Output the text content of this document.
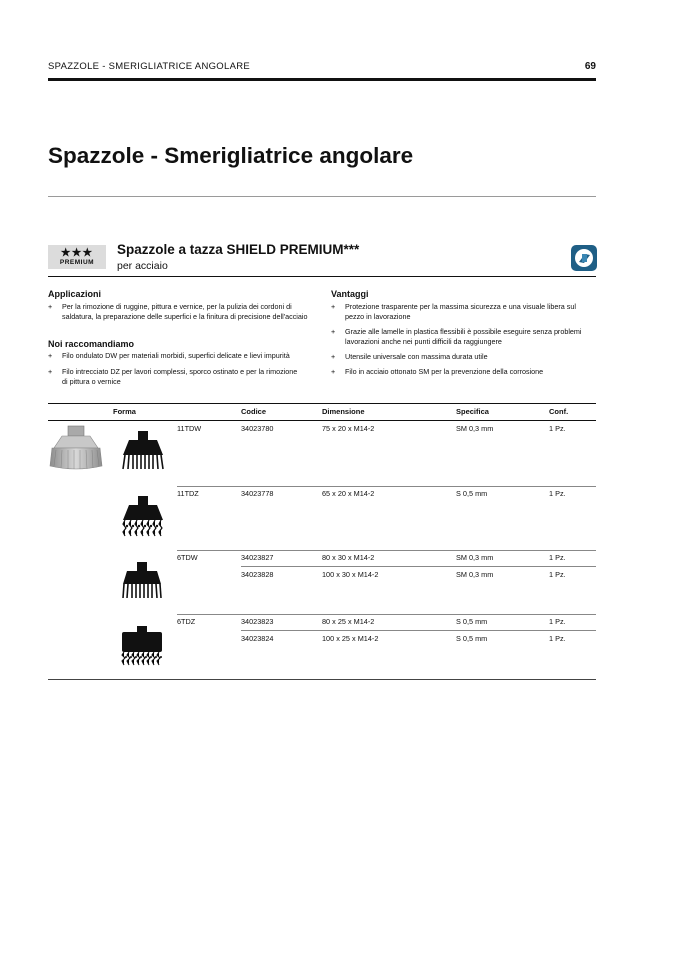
SPAZZOLE - SMERIGLIATRICE ANGOLARE	69
Spazzole - Smerigliatrice angolare
★★★
PREMIUM
Spazzole a tazza SHIELD PREMIUM***
per acciaio
Applicazioni
+	Per la rimozione di ruggine, pittura e vernice, per la pulizia dei cordoni di saldatura, la preparazione delle superfici e la finitura di precisione dell'acciaio
Noi raccomandiamo
+	Filo ondulato DW per materiali morbidi, superfici delicate e lievi impurità
+	Filo intrecciato DZ per lavori complessi, sporco ostinato e per la rimozione di pittura o vernice
Vantaggi
+	Protezione trasparente per la massima sicurezza e una visuale libera sul pezzo in lavorazione
+	Grazie alle lamelle in plastica flessibili è possibile eseguire senza problemi lavorazioni anche nei punti difficili da raggiungere
+	Utensile universale con massima durata utile
+	Filo in acciaio ottonato SM per la prevenzione della corrosione
Forma	Codice	Dimensione	Specifica	Conf.
11TDW	34023780	75 x 20 x M14-2	SM 0,3 mm	1 Pz.
11TDZ	34023778	65 x 20 x M14-2	S 0,5 mm	1 Pz.
6TDW	34023827	80 x 30 x M14-2	SM 0,3 mm	1 Pz.
34023828	100 x 30 x M14-2	SM 0,3 mm	1 Pz.
6TDZ	34023823	80 x 25 x M14-2	S 0,5 mm	1 Pz.
34023824	100 x 25 x M14-2	S 0,5 mm	1 Pz.
